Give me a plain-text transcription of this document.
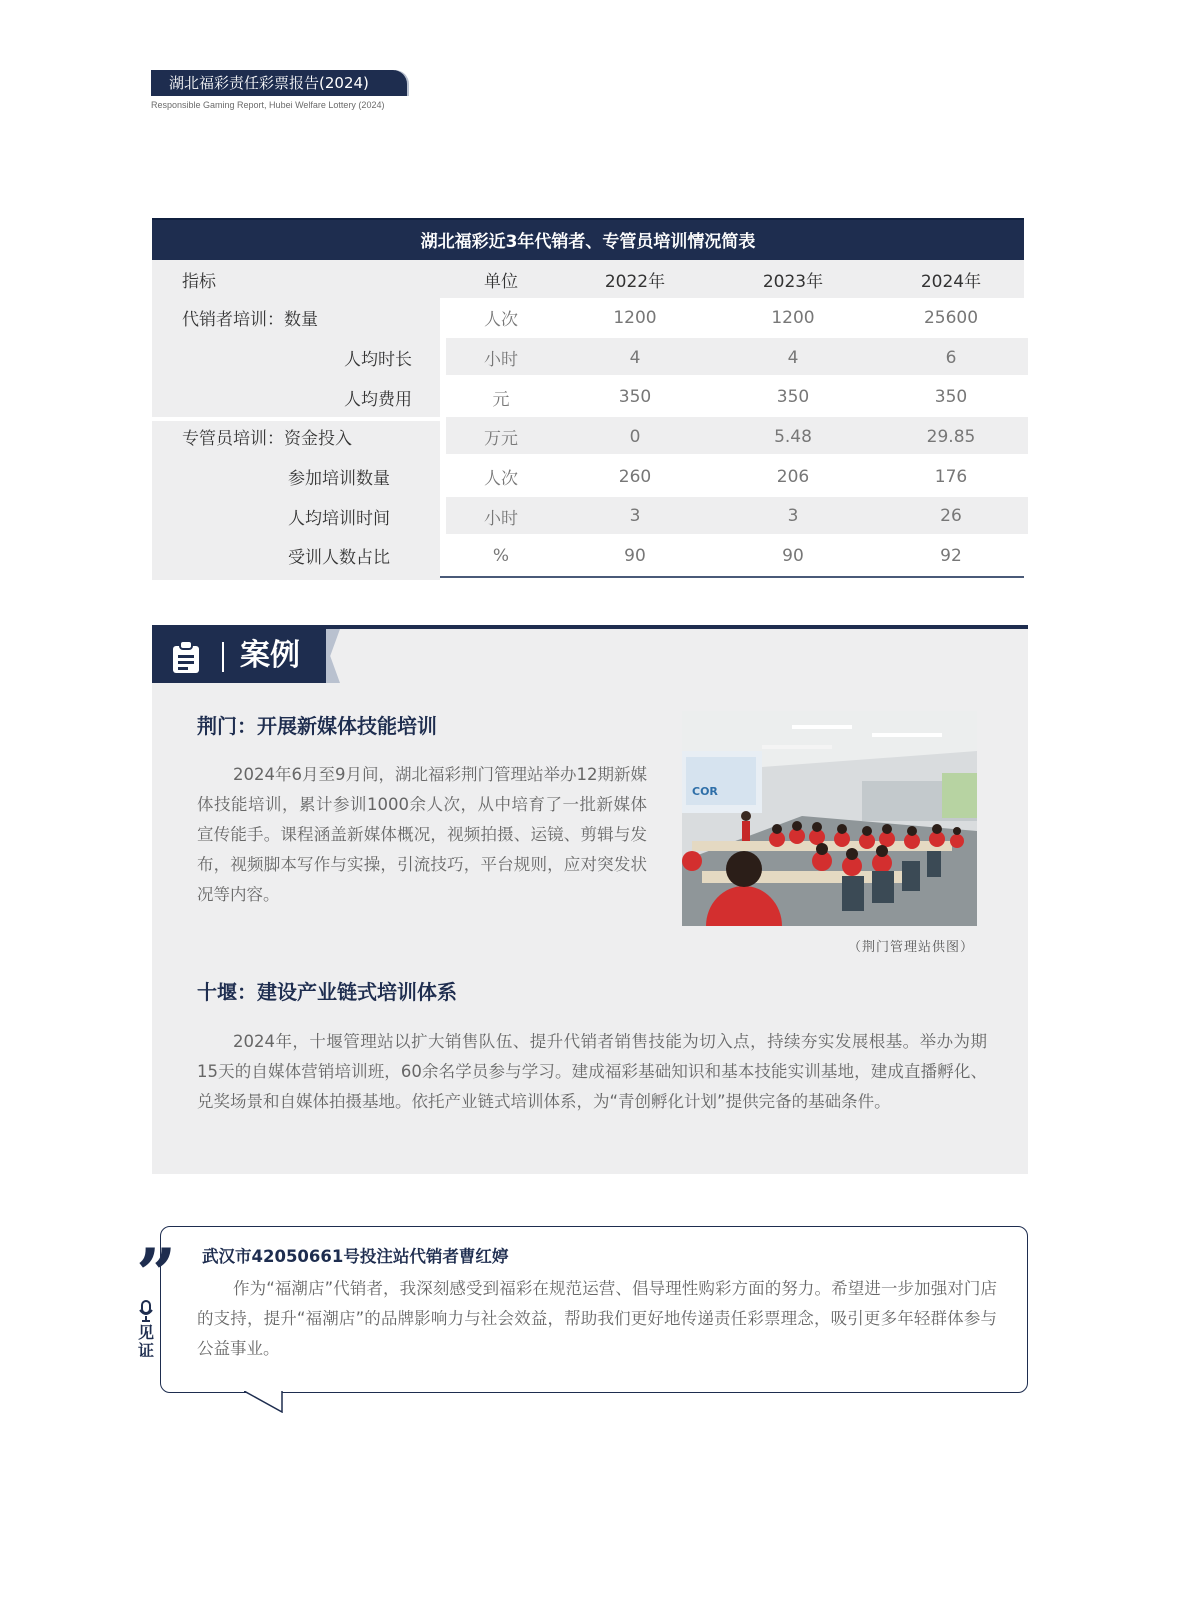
湖北福彩责任彩票报告(2024)
Responsible Gaming Report, Hubei Welfare Lottery (2024)
湖北福彩近3年代销者、专管员培训情况简表
指标	单位	2022年	2023年	2024年
代销者培训：数量	人次	1200	1200	25600
人均时长	小时	4	4	6
人均费用	元	350	350	350
专管员培训：资金投入	万元	0	5.48	29.85
参加培训数量	人次	260	206	176
人均培训时间	小时	3	3	26
受训人数占比	%	90	90	92
案例
荆门：开展新媒体技能培训
2024年6月至9月间，湖北福彩荆门管理站举办12期新媒体技能培训，累计参训1000余人次，从中培育了一批新媒体宣传能手。课程涵盖新媒体概况，视频拍摄、运镜、剪辑与发布，视频脚本写作与实操，引流技巧，平台规则，应对突发状况等内容。
COR
（荆门管理站供图）
十堰：建设产业链式培训体系
2024年，十堰管理站以扩大销售队伍、提升代销者销售技能为切入点，持续夯实发展根基。举办为期15天的自媒体营销培训班，60余名学员参与学习。建成福彩基础知识和基本技能实训基地，建成直播孵化、兑奖场景和自媒体拍摄基地。依托产业链式培训体系，为“青创孵化计划”提供完备的基础条件。
”
见证
武汉市42050661号投注站代销者曹红婷
作为“福潮店”代销者，我深刻感受到福彩在规范运营、倡导理性购彩方面的努力。希望进一步加强对门店的支持，提升“福潮店”的品牌影响力与社会效益，帮助我们更好地传递责任彩票理念，吸引更多年轻群体参与公益事业。
